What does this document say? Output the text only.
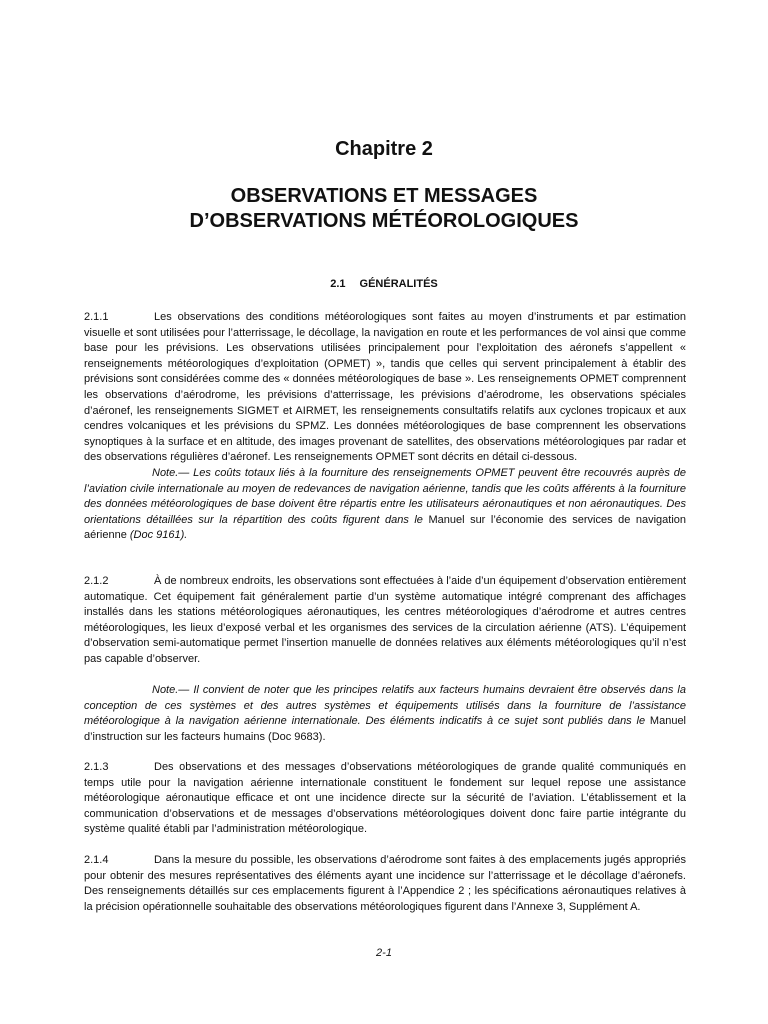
Chapitre 2
OBSERVATIONS ET MESSAGES
D’OBSERVATIONS MÉTÉOROLOGIQUES
2.1 GÉNÉRALITÉS
2.1.1	Les observations des conditions météorologiques sont faites au moyen d’instruments et par estimation visuelle et sont utilisées pour l’atterrissage, le décollage, la navigation en route et les performances de vol ainsi que comme base pour les prévisions. Les observations utilisées principalement pour l’exploitation des aéronefs s’appellent « renseignements météorologiques d’exploitation (OPMET) », tandis que celles qui servent principalement à établir des prévisions sont considérées comme des « données météorologiques de base ». Les renseignements OPMET comprennent les observations d’aérodrome, les prévisions d’atterrissage, les prévisions d’aérodrome, les observations spéciales d’aéronef, les renseignements SIGMET et AIRMET, les renseignements consultatifs relatifs aux cyclones tropicaux et aux cendres volcaniques et les prévisions du SPMZ. Les données météorologiques de base comprennent les observations synoptiques à la surface et en altitude, des images provenant de satellites, des observations météorologiques par radar et des observations régulières d’aéronef. Les renseignements OPMET sont décrits en détail ci-dessous.
Note.— Les coûts totaux liés à la fourniture des renseignements OPMET peuvent être recouvrés auprès de l’aviation civile internationale au moyen de redevances de navigation aérienne, tandis que les coûts afférents à la fourniture des données météorologiques de base doivent être répartis entre les utilisateurs aéronautiques et non aéronautiques. Des orientations détaillées sur la répartition des coûts figurent dans le Manuel sur l’économie des services de navigation aérienne (Doc 9161).
2.1.2	À de nombreux endroits, les observations sont effectuées à l’aide d’un équipement d’observation entièrement automatique. Cet équipement fait généralement partie d’un système automatique intégré comprenant des affichages installés dans les stations météorologiques aéronautiques, les centres météorologiques d’aérodrome et autres centres météorologiques, les lieux d’exposé verbal et les organismes des services de la circulation aérienne (ATS). L’équipement d’observation semi-automatique permet l’insertion manuelle de données relatives aux éléments météorologiques qu’il n’est pas capable d’observer.
Note.— Il convient de noter que les principes relatifs aux facteurs humains devraient être observés dans la conception de ces systèmes et des autres systèmes et équipements utilisés dans la fourniture de l’assistance météorologique à la navigation aérienne internationale. Des éléments indicatifs à ce sujet sont publiés dans le Manuel d’instruction sur les facteurs humains (Doc 9683).
2.1.3	Des observations et des messages d’observations météorologiques de grande qualité communiqués en temps utile pour la navigation aérienne internationale constituent le fondement sur lequel repose une assistance météorologique aéronautique efficace et ont une incidence directe sur la sécurité de l’aviation. L’établissement et la communication d’observations et de messages d’observations météorologiques doivent donc faire partie intégrante du système qualité établi par l’administration météorologique.
2.1.4	Dans la mesure du possible, les observations d’aérodrome sont faites à des emplacements jugés appropriés pour obtenir des mesures représentatives des éléments ayant une incidence sur l’atterrissage et le décollage d’aéronefs. Des renseignements détaillés sur ces emplacements figurent à l’Appendice 2 ; les spécifications aéronautiques relatives à la précision opérationnelle souhaitable des observations météorologiques figurent dans l’Annexe 3, Supplément A.
2-1
